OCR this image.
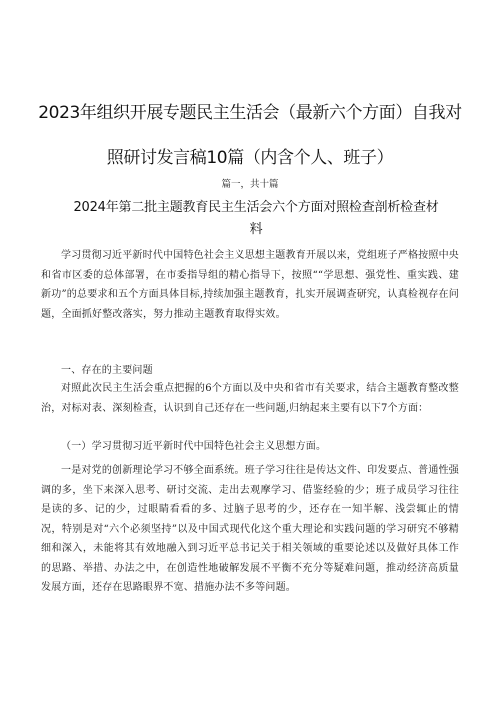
2023年组织开展专题民主生活会（最新六个方面）自我对
照研讨发言稿10篇（内含个人、班子）
篇一，共十篇
2024年第二批主题教育民主生活会六个方面对照检查剖析检查材
料

学习贯彻习近平新时代中国特色社会主义思想主题教育开展以来，党组班子严格按照中央和省市区委的总体部署，在市委指导组的精心指导下，按照““学思想、强党性、重实践、建新功”的总要求和五个方面具体目标,持续加强主题教育，扎实开展调查研究，认真检视存在问题，全面抓好整改落实，努力推动主题教育取得实效。

一、存在的主要问题

对照此次民主生活会重点把握的6个方面以及中央和省市有关要求，结合主题教育整改整治，对标对表、深刻检查，认识到自己还存在一些问题,归纳起来主要有以下7个方面：

（一）学习贯彻习近平新时代中国特色社会主义思想方面。

一是对党的创新理论学习不够全面系统。班子学习往往是传达文件、印发要点、普通性强调的多，坐下来深入思考、研讨交流、走出去观摩学习、借鉴经验的少；班子成员学习往往是读的多、记的少，过眼睛看看的多、过脑子思考的少，还存在一知半解、浅尝辄止的情况，特别是对“六个必须坚持”以及中国式现代化这个重大理论和实践问题的学习研究不够精细和深入，未能将其有效地融入到习近平总书记关于相关领域的重要论述以及做好具体工作的思路、举措、办法之中，在创造性地破解发展不平衡不充分等疑难问题，推动经济高质量发展方面，还存在思路眼界不宽、措施办法不多等问题。
